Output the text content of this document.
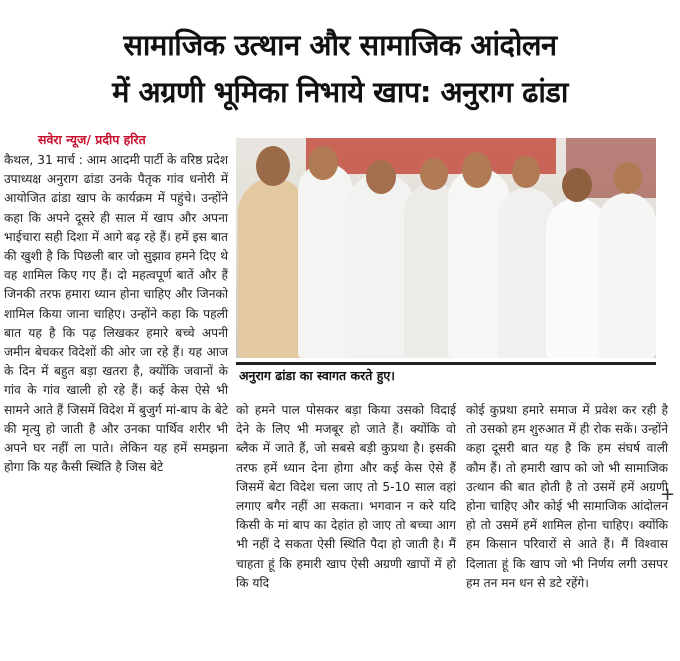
सामाजिक उत्थान और सामाजिक आंदोलन
में अग्रणी भूमिका निभाये खाप: अनुराग ढांडा
सवेरा न्यूज/ प्रदीप हरित

कैथल, 31 मार्च : आम आदमी पार्टी के वरिष्ठ प्रदेश उपाध्यक्ष अनुराग ढांडा उनके पैतृक गांव धनोरी में आयोजित ढांडा खाप के कार्यक्रम में पहुंचे। उन्होंने कहा कि अपने दूसरे ही साल में खाप और अपना भाईचारा सही दिशा में आगे बढ़ रहे हैं। हमें इस बात की खुशी है कि पिछली बार जो सुझाव हमने दिए थे वह शामिल किए गए हैं। दो महत्वपूर्ण बातें और हैं जिनकी तरफ हमारा ध्यान होना चाहिए और जिनको शामिल किया जाना चाहिए। उन्होंने कहा कि पहली बात यह है कि पढ़ लिखकर हमारे बच्चे अपनी जमीन बेचकर विदेशों की ओर जा रहे हैं। यह आज के दिन में बहुत बड़ा खतरा है, क्योंकि जवानों के गांव के गांव खाली हो रहे हैं। कई केस ऐसे भी सामने आते हैं जिसमें विदेश में बुजुर्ग मां-बाप के बेटे की मृत्यु हो जाती है और उनका पार्थिव शरीर भी अपने घर नहीं ला पाते। लेकिन यह हमें समझना होगा कि यह कैसी स्थिति है जिस बेटे

अनुराग ढांडा का स्वागत करते हुए।

को हमने पाल पोसकर बड़ा किया उसको विदाई देने के लिए भी मजबूर हो जाते हैं। क्योंकि वो ब्लैक में जाते हैं, जो सबसे बड़ी कुप्रथा है। इसकी तरफ हमें ध्यान देना होगा और कई केस ऐसे हैं जिसमें बेटा विदेश चला जाए तो 5-10 साल वहां लगाए बगैर नहीं आ सकता। भगवान न करे यदि किसी के मां बाप का देहांत हो जाए तो बच्चा आग भी नहीं दे सकता ऐसी स्थिति पैदा हो जाती है। मैं चाहता हूं कि हमारी खाप ऐसी अग्रणी खापों में हो कि यदि

कोई कुप्रथा हमारे समाज में प्रवेश कर रही है तो उसको हम शुरुआत में ही रोक सकें। उन्होंने कहा दूसरी बात यह है कि हम संघर्ष वाली कौम हैं। तो हमारी खाप को जो भी सामाजिक उत्थान की बात होती है तो उसमें हमें अग्रणी होना चाहिए और कोई भी सामाजिक आंदोलन हो तो उसमें हमें शामिल होना चाहिए। क्योंकि हम किसान परिवारों से आते हैं। मैं विश्वास दिलाता हूं कि खाप जो भी निर्णय लगी उसपर हम तन मन धन से डटे रहेंगे।

+
